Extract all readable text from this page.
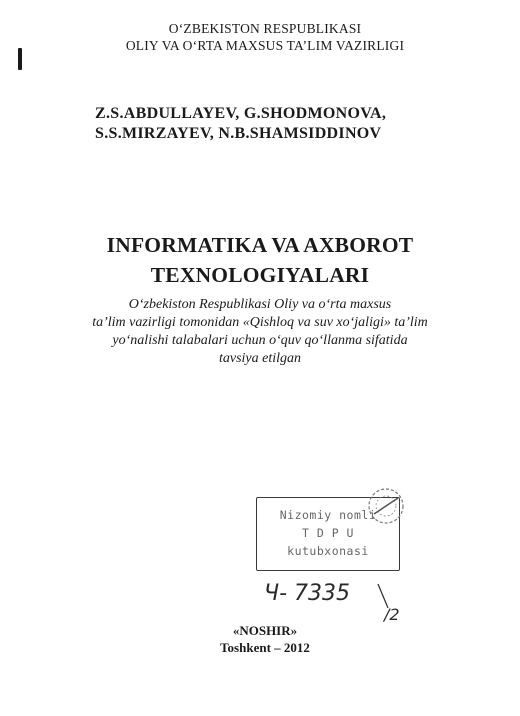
O‘ZBEKISTON RESPUBLIKASI
OLIY VA O‘RTA MAXSUS TA’LIM VAZIRLIGI
Z.S.ABDULLAYEV, G.SHODMONOVA,
S.S.MIRZAYEV, N.B.SHAMSIDDINOV
INFORMATIKA VA AXBOROT
TEXNOLOGIYALARI
O‘zbekiston Respublikasi Oliy va o‘rta maxsus
ta’lim vazirligi tomonidan «Qishloq va suv xo‘jaligi» ta’lim
yo‘nalishi talabalari uchun o‘quv qo‘llanma sifatida
tavsiya etilgan
Nizomiy nomli
T D P U
kutubxonasi
Ч- 7335
/2
«NOSHIR»
Toshkent – 2012
